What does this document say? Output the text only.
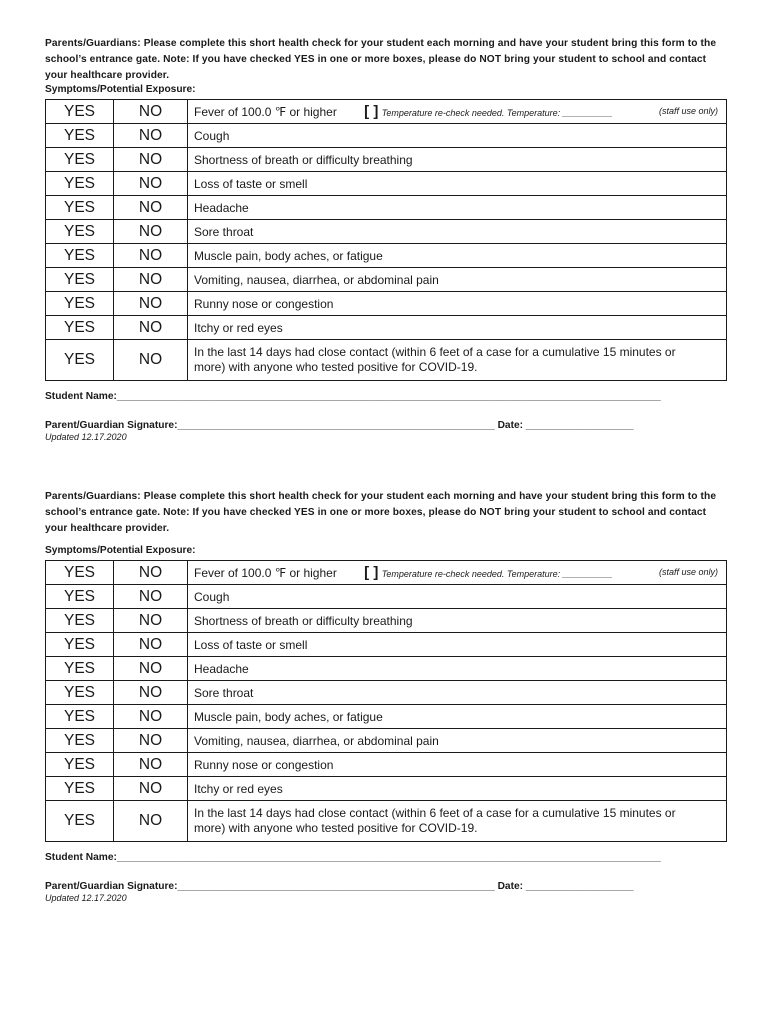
Parents/Guardians: Please complete this short health check for your student each morning and have your student bring this form to the school’s entrance gate. Note: If you have checked YES in one or more boxes, please do NOT bring your student to school and contact your healthcare provider.

Symptoms/Potential Exposure:

YES	NO	Fever of 100.0 ℉ or higher [ ] Temperature re-check needed. Temperature: __________ (staff use only)

YES	NO	Cough
YES	NO	Shortness of breath or difficulty breathing
YES	NO	Loss of taste or smell
YES	NO	Headache
YES	NO	Sore throat
YES	NO	Muscle pain, body aches, or fatigue
YES	NO	Vomiting, nausea, diarrhea, or abdominal pain
YES	NO	Runny nose or congestion
YES	NO	Itchy or red eyes
YES	NO	In the last 14 days had close contact (within 6 feet of a case for a cumulative 15 minutes or more) with anyone who tested positive for COVID-19.
Student Name:________________________________________________________________________________________________
Parent/Guardian Signature:________________________________________________________ Date: ___________________
Updated 12.17.2020

Parents/Guardians: Please complete this short health check for your student each morning and have your student bring this form to the school’s entrance gate. Note: If you have checked YES in one or more boxes, please do NOT bring your student to school and contact your healthcare provider.

Symptoms/Potential Exposure:

YES	NO	Fever of 100.0 ℉ or higher [ ] Temperature re-check needed. Temperature: __________ (staff use only)

YES	NO	Cough
YES	NO	Shortness of breath or difficulty breathing
YES	NO	Loss of taste or smell
YES	NO	Headache
YES	NO	Sore throat
YES	NO	Muscle pain, body aches, or fatigue
YES	NO	Vomiting, nausea, diarrhea, or abdominal pain
YES	NO	Runny nose or congestion
YES	NO	Itchy or red eyes
YES	NO	In the last 14 days had close contact (within 6 feet of a case for a cumulative 15 minutes or more) with anyone who tested positive for COVID-19.
Student Name:________________________________________________________________________________________________
Parent/Guardian Signature:________________________________________________________ Date: ___________________
Updated 12.17.2020
